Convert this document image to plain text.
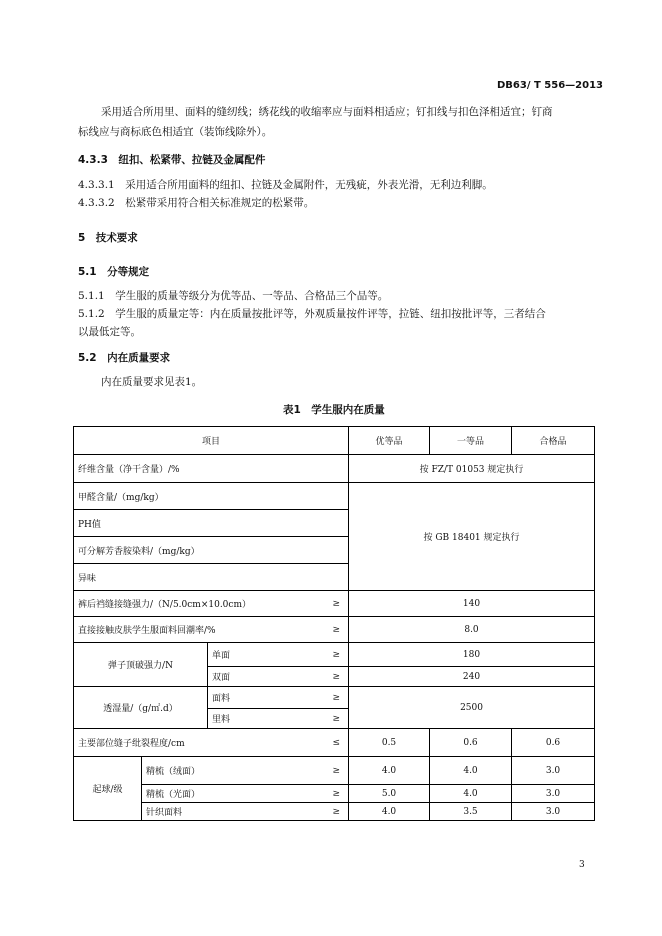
DB63/ T 556—2013
采用适合所用里、面料的缝纫线；绣花线的收缩率应与面料相适应；钉扣线与扣色泽相适宜；钉商
标线应与商标底色相适宜（装饰线除外）。
4.3.3　纽扣、松紧带、拉链及金属配件
4.3.3.1　采用适合所用面料的纽扣、拉链及金属附件，无残疵，外表光滑，无利边利脚。
4.3.3.2　松紧带采用符合相关标准规定的松紧带。
5　技术要求
5.1　分等规定
5.1.1　学生服的质量等级分为优等品、一等品、合格品三个品等。
5.1.2　学生服的质量定等：内在质量按批评等，外观质量按件评等，拉链、纽扣按批评等，三者结合
以最低定等。
5.2　内在质量要求
内在质量要求见表1。
表1　学生服内在质量
项目			优等品	一等品	合格品
纤维含量（净干含量）/%			按 FZ/T 01053 规定执行		
甲醛含量/（mg/kg）			按 GB 18401 规定执行		
PH值					
可分解芳香胺染料/（mg/kg）					
异味					
裤后裆缝接缝强力/（N/5.0cm×10.0cm） ≥			140		
直接接触皮肤学生服面料回潮率/% ≥			8.0		
弹子顶破强力/N		单面 ≥	180		
		双面 ≥	240		
透湿量/（g/㎡.d）		面料 ≥	2500		
		里料 ≥			

主要部位缝子纰裂程度/cm ≤			0.5	0.6	0.6
起球/级	精梳（绒面） ≥		4.0	4.0	3.0
	精梳（光面） ≥		5.0	4.0	3.0
	针织面料 ≥		4.0	3.5	3.0
3
